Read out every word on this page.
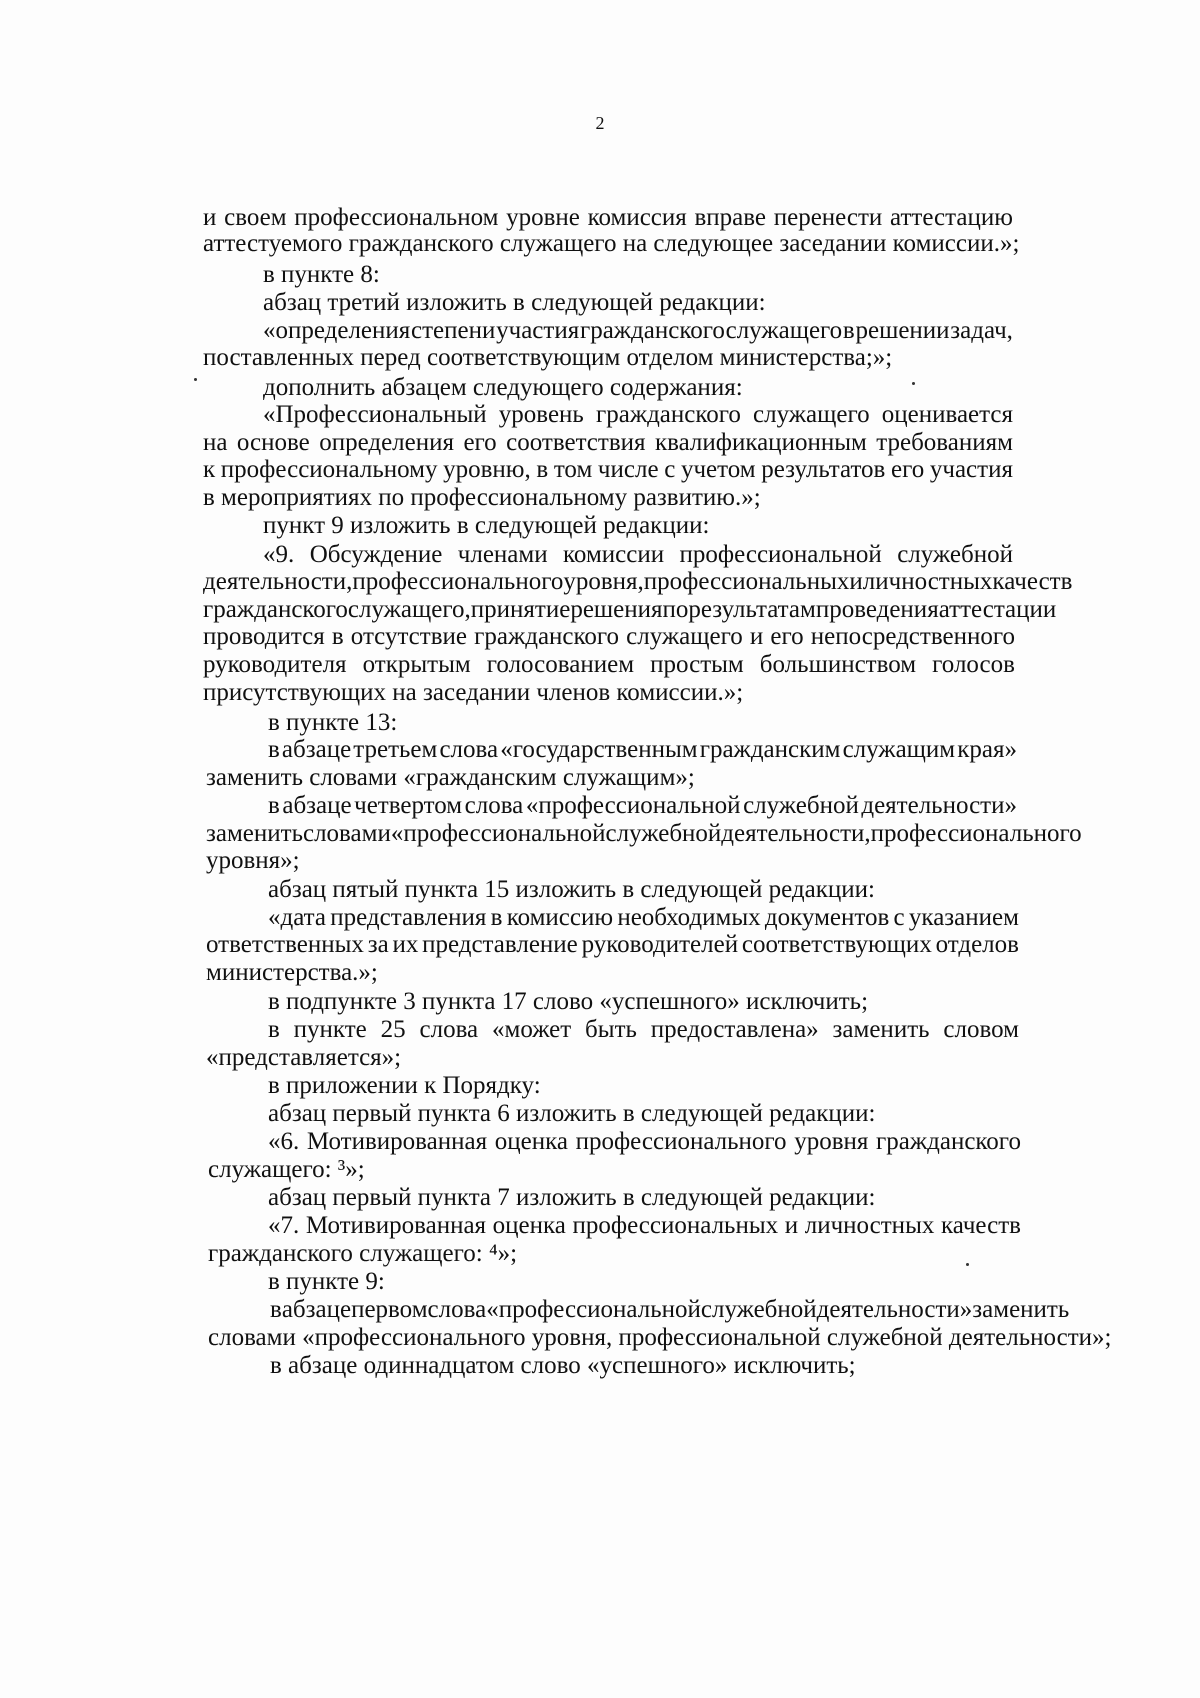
2
и своем профессиональном уровне комиссия вправе перенести аттестацию
аттестуемого гражданского служащего на следующее заседании комиссии.»;
в пункте 8:
абзац третий изложить в следующей редакции:
«определения степени участия гражданского служащего в решении задач,
поставленных перед соответствующим отделом министерства;»;
дополнить абзацем следующего содержания:
«Профессиональный уровень гражданского служащего оценивается
на основе определения его соответствия квалификационным требованиям
к профессиональному уровню, в том числе с учетом результатов его участия
в мероприятиях по профессиональному развитию.»;
пункт 9 изложить в следующей редакции:
«9. Обсуждение членами комиссии профессиональной служебной
деятельности, профессионального уровня, профессиональных и личностных качеств
гражданского служащего, принятие решения по результатам проведения аттестации
проводится в отсутствие гражданского служащего и его непосредственного
руководителя открытым голосованием простым большинством голосов
присутствующих на заседании членов комиссии.»;
в пункте 13:
в абзаце третьем слова «государственным гражданским служащим края»
заменить словами «гражданским служащим»;
в абзаце четвертом слова «профессиональной служебной деятельности»
заменить словами «профессиональной служебной деятельности, профессионального
уровня»;
абзац пятый пункта 15 изложить в следующей редакции:
«дата представления в комиссию необходимых документов с указанием
ответственных за их представление руководителей соответствующих отделов
министерства.»;
в подпункте 3 пункта 17 слово «успешного» исключить;
в пункте 25 слова «может быть предоставлена» заменить словом
«представляется»;
в приложении к Порядку:
абзац первый пункта 6 изложить в следующей редакции:
«6. Мотивированная оценка профессионального уровня гражданского
служащего: ³»;
абзац первый пункта 7 изложить в следующей редакции:
«7. Мотивированная оценка профессиональных и личностных качеств
гражданского служащего: ⁴»;
в пункте 9:
в абзаце первом слова «профессиональной служебной деятельности» заменить
словами «профессионального уровня, профессиональной служебной деятельности»;
в абзаце одиннадцатом слово «успешного» исключить;
